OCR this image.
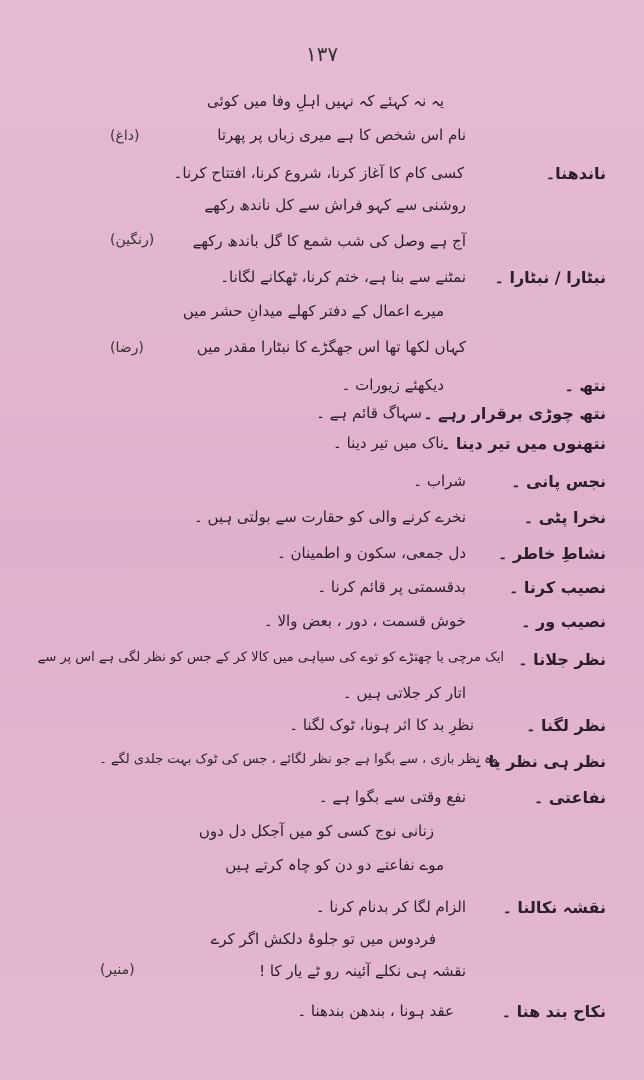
١٣٧
یہ نہ کہئے کہ نہیں اہلِ وفا میں کوئی
نام اس شخص کا ہے میری زباں پر پھرتا
(داغ)
ناندھنا۔
کسی کام کا آغاز کرنا، شروع کرنا، افتتاح کرنا۔
روشنی سے کہو فراش سے کل ناندھ رکھے
آج ہے وصل کی شب شمع کا گل باندھ رکھے
(رنگین)
نبٹارا / نبٹارا ۔
نمٹنے سے بنا ہے، ختم کرنا، ٹھکانے لگانا۔
میرے اعمال کے دفتر کھلے میدانِ حشر میں
کہاں لکھا تھا اس جھگڑے کا نبٹارا مقدر میں
(رضا)
نتھ ۔
دیکھئے زیورات ۔
نتھ چوڑی برقرار رہے ۔
سہاگ قائم ہے ۔
نتھنوں میں تیر دینا ۔
ناک میں تیر دینا ۔
نجس پانی ۔
شراب ۔
نخرا پٹی ۔
نخرے کرنے والی کو حقارت سے بولتی ہیں ۔
نشاطِ خاطر ۔
دل جمعی، سکون و اطمینان ۔
نصیب کرنا ۔
بدقسمتی پر قائم کرنا ۔
نصیب ور ۔
خوش قسمت ، دور ، بعض والا ۔
نظر جلانا ۔
ایک مرچی یا چھتڑے کو توے کی سیاہی میں کالا کر کے جس کو نظر لگی ہے اس پر سے
اتار کر جلاتی ہیں ۔
نظر لگنا ۔
نظرِ بد کا اثر ہونا، ٹوک لگنا ۔
نظر ہی نظر یا ۔
وہ نظر بازی ، سے بگوا ہے جو نظر لگائے ، جس کی ٹوک بہت جلدی لگے ۔
نفاعتی ۔
نفع وقتی سے بگوا ہے ۔
زنانی نوج کسی کو میں آجکل دل دوں
موے نفاعتے دو دن کو چاہ کرتے ہیں
نقشہ نکالنا ۔
الزام لگا کر بدنام کرنا ۔
فردوس میں تو جلوۂ دلکش اگر کرے
نقشہ ہی نکلے آئینہ رو ٹے یار کا !
(منیر)
نکاح بند ھنا ۔
عقد ہونا ، بندھن بندھنا ۔
